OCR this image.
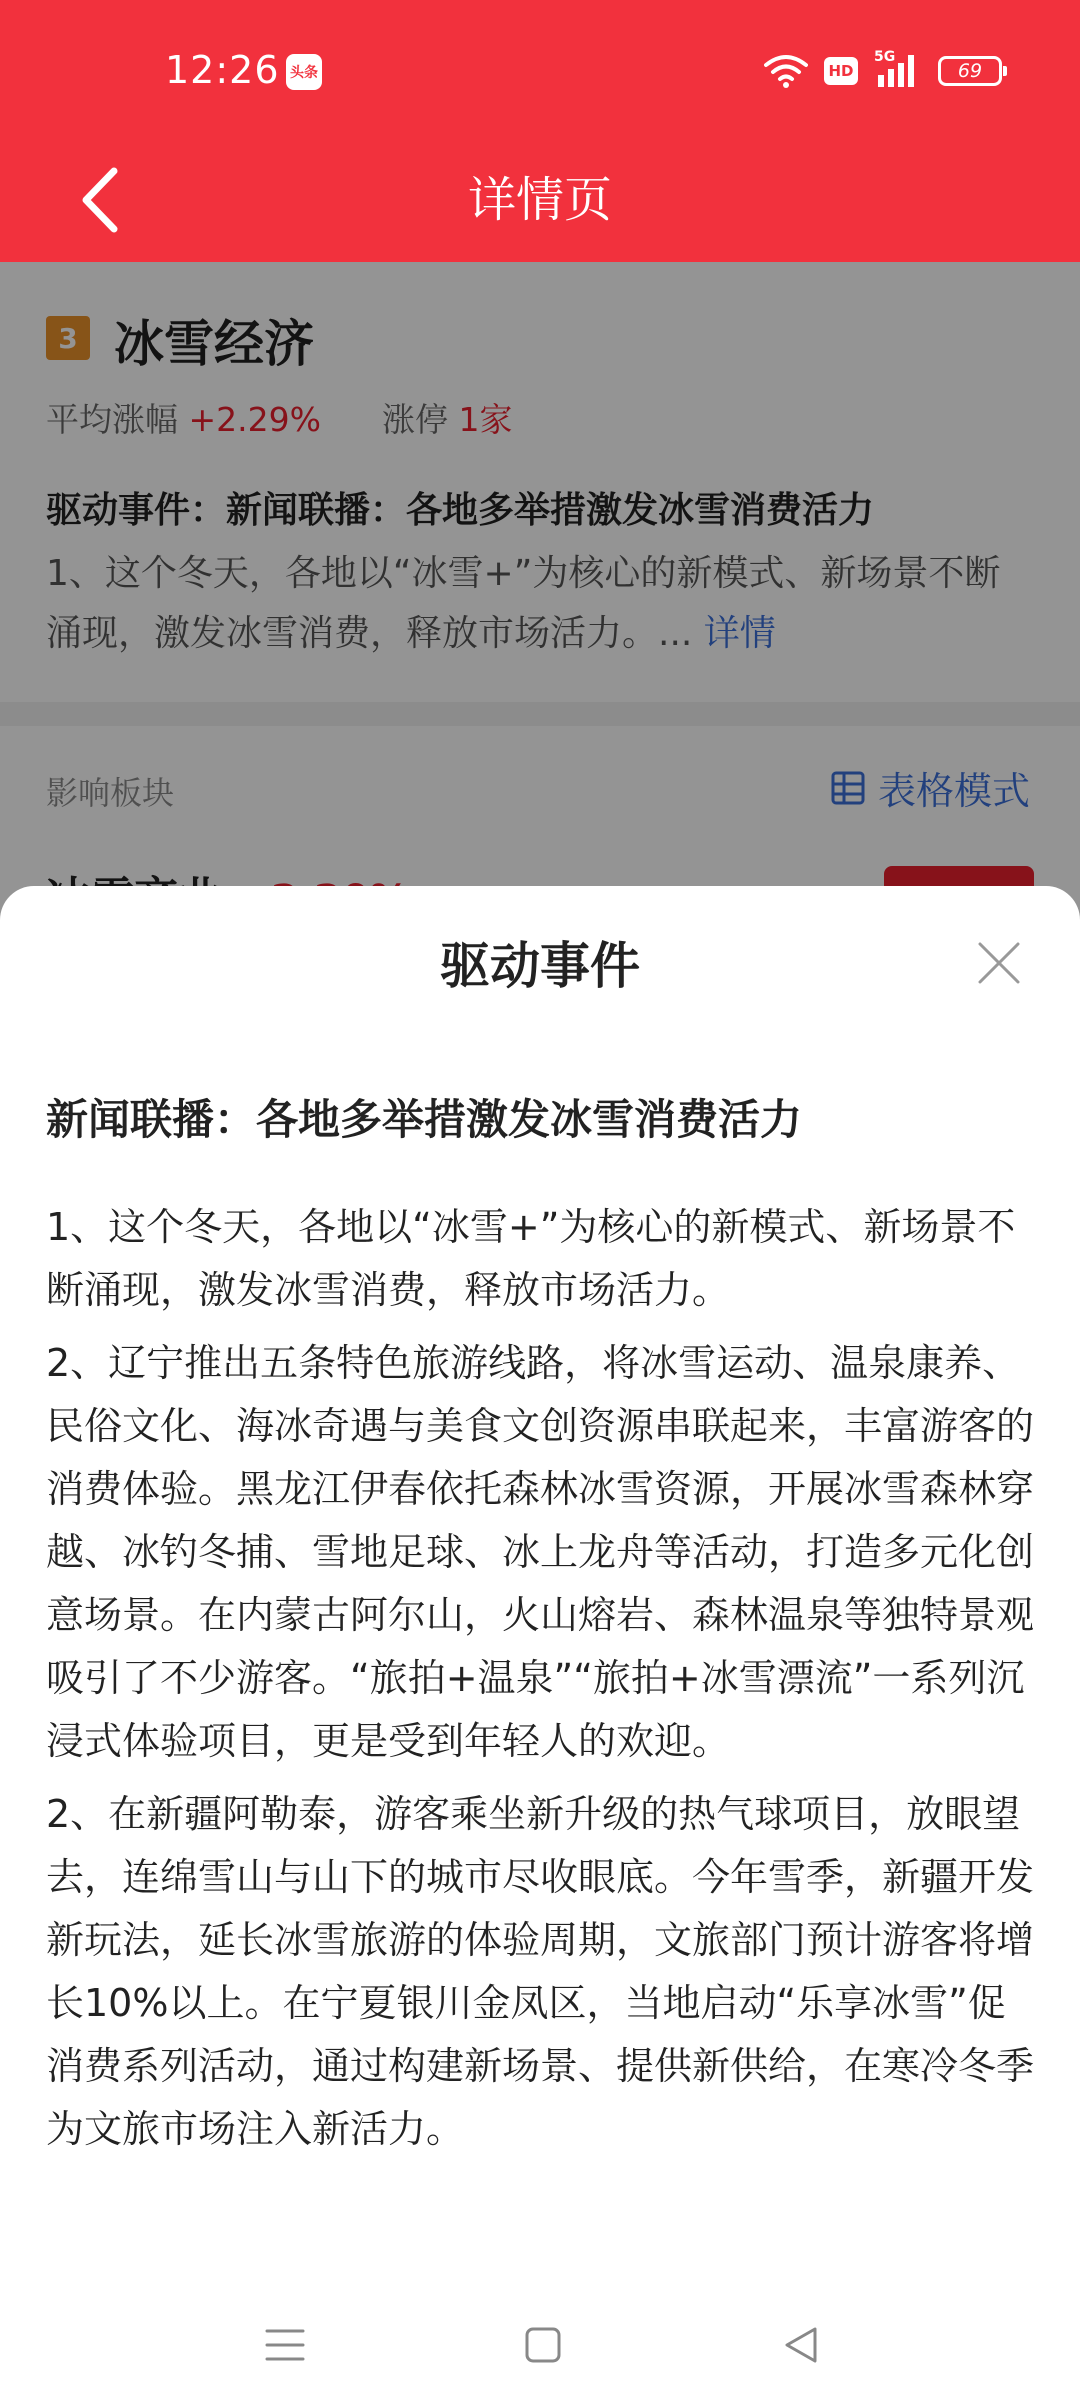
12:26 头条	HD
5G
69
详情页
3 冰雪经济
平均涨幅 +2.29% 涨停 1家
驱动事件：新闻联播：各地多举措激发冰雪消费活力
1、这个冬天，各地以“冰雪+”为核心的新模式、新场景不断涌现，激发冰雪消费，释放市场活力。... 详情
影响板块	表格模式
驱动事件
新闻联播：各地多举措激发冰雪消费活力

1、这个冬天，各地以“冰雪+”为核心的新模式、新场景不断涌现，激发冰雪消费，释放市场活力。

2、辽宁推出五条特色旅游线路，将冰雪运动、温泉康养、民俗文化、海冰奇遇与美食文创资源串联起来，丰富游客的消费体验。黑龙江伊春依托森林冰雪资源，开展冰雪森林穿越、冰钓冬捕、雪地足球、冰上龙舟等活动，打造多元化创意场景。在内蒙古阿尔山，火山熔岩、森林温泉等独特景观吸引了不少游客。“旅拍+温泉”“旅拍+冰雪漂流”一系列沉浸式体验项目，更是受到年轻人的欢迎。

2、在新疆阿勒泰，游客乘坐新升级的热气球项目，放眼望去，连绵雪山与山下的城市尽收眼底。今年雪季，新疆开发新玩法，延长冰雪旅游的体验周期，文旅部门预计游客将增长10%以上。在宁夏银川金凤区，当地启动“乐享冰雪”促消费系列活动，通过构建新场景、提供新供给，在寒冷冬季为文旅市场注入新活力。
